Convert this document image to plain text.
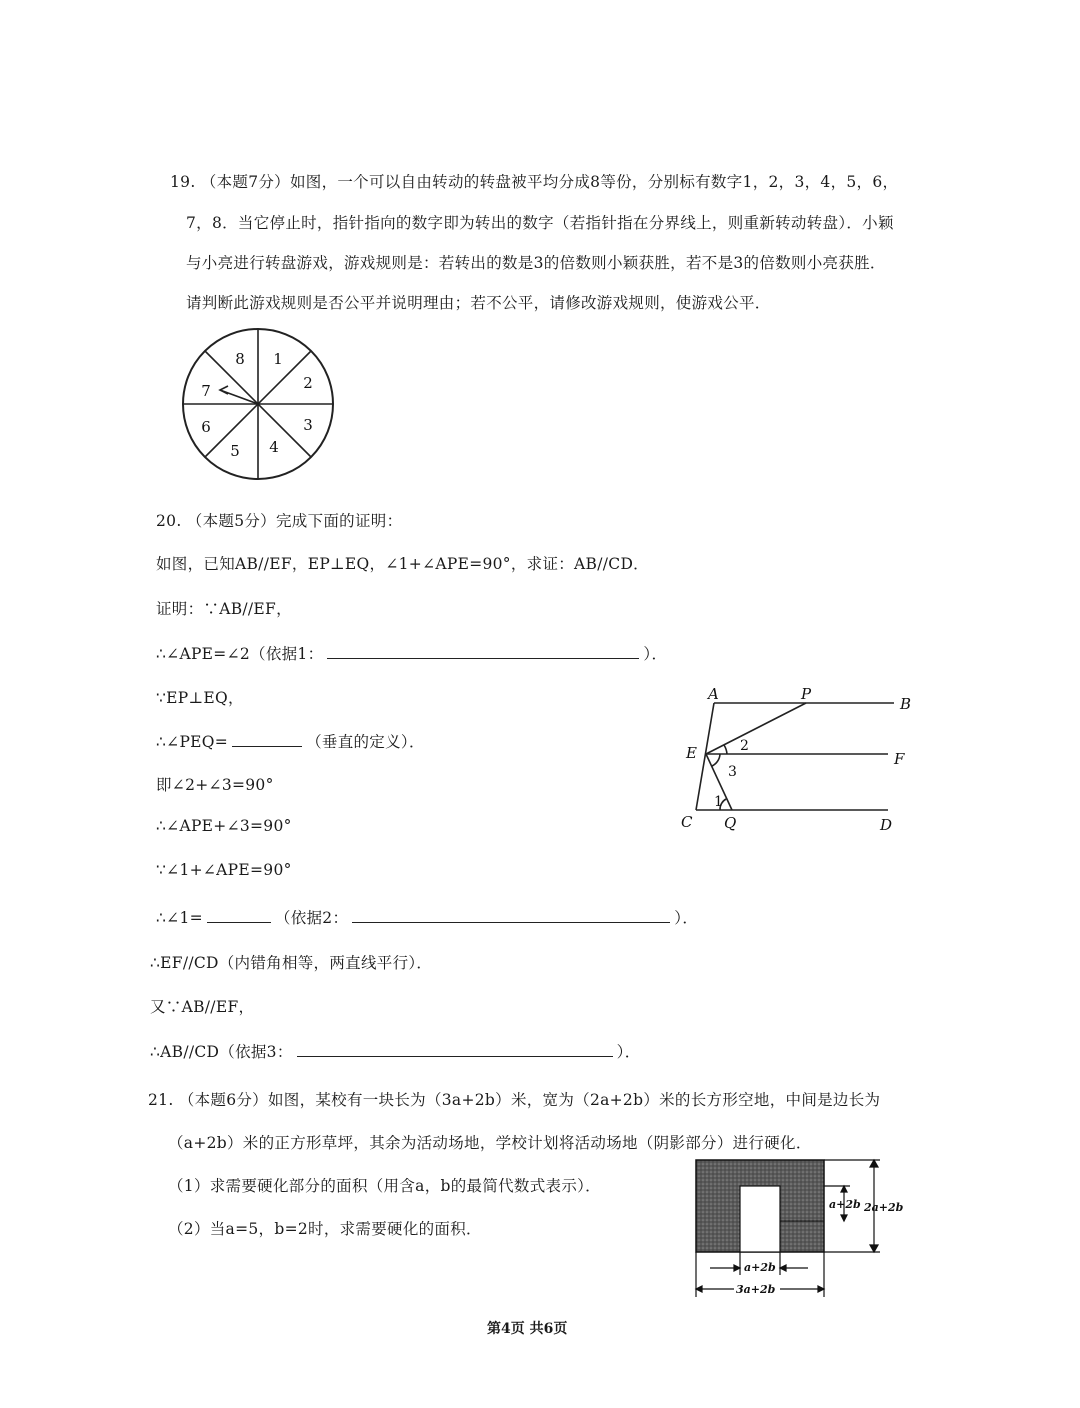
19. （本题7分）如图，一个可以自由转动的转盘被平均分成8等份，分别标有数字1，2，3，4，5，6，
7，8．当它停止时，指针指向的数字即为转出的数字（若指针指在分界线上，则重新转动转盘）．小颖
与小亮进行转盘游戏，游戏规则是：若转出的数是3的倍数则小颖获胜，若不是3的倍数则小亮获胜．
请判断此游戏规则是否公平并说明理由；若不公平，请修改游戏规则，使游戏公平．
8 1
2
3
4
5
6
7
20. （本题5分）完成下面的证明：
如图，已知AB//EF，EP⊥EQ，∠1+∠APE=90°，求证：AB//CD．
证明：∵AB//EF，
∴∠APE=∠2（依据1：	）．
∵EP⊥EQ，
∴∠PEQ=	（垂直的定义）．
即∠2+∠3=90°
∴∠APE+∠3=90°
∵∠1+∠APE=90°
∴∠1=	（依据2：	）．
∴EF//CD（内错角相等，两直线平行）．
又∵AB//EF，
∴AB//CD（依据3：	）．
A	P
B
E	F
C Q	D
2
3
1
21. （本题6分）如图，某校有一块长为（3a+2b）米，宽为（2a+2b）米的长方形空地，中间是边长为
（a+2b）米的正方形草坪，其余为活动场地，学校计划将活动场地（阴影部分）进行硬化．
（1）求需要硬化部分的面积（用含a，b的最简代数式表示）．
（2）当a=5，b=2时，求需要硬化的面积．
a+2b 2a+2b
a+2b
3a+2b
第4页 共6页
